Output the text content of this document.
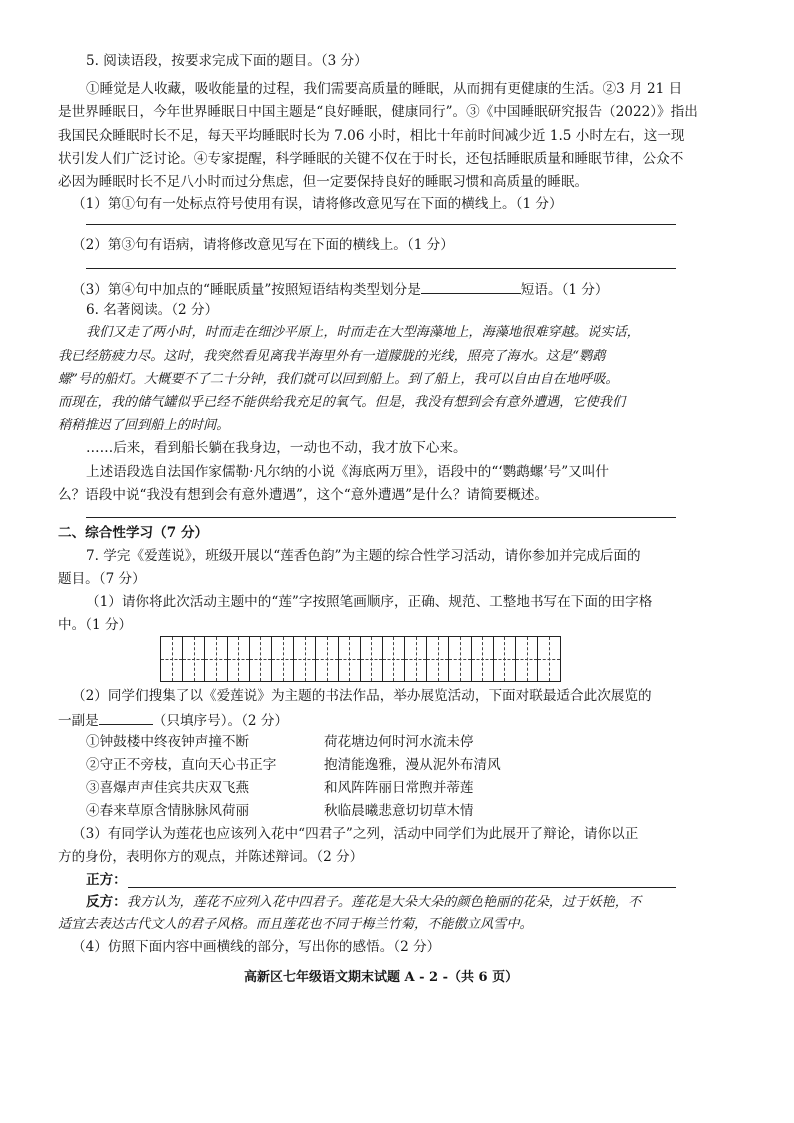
5. 阅读语段，按要求完成下面的题目。（3 分）
①睡觉是人收藏，吸收能量的过程，我们需要高质量的睡眠，从而拥有更健康的生活。②3 月 21 日
是世界睡眠日，今年世界睡眠日中国主题是“良好睡眠，健康同行”。③《中国睡眠研究报告（2022）》指出
我国民众睡眠时长不足，每天平均睡眠时长为 7.06 小时，相比十年前时间减少近 1.5 小时左右，这一现
状引发人们广泛讨论。④专家提醒，科学睡眠的关键不仅在于时长，还包括睡眠质量和睡眠节律，公众不
必因为睡眠时长不足八小时而过分焦虑，但一定要保持良好的睡眠习惯和高质量的睡眠。
（1）第①句有一处标点符号使用有误，请将修改意见写在下面的横线上。（1 分）
（2）第③句有语病，请将修改意见写在下面的横线上。（1 分）
（3）第④句中加点的“睡眠质量”按照短语结构类型划分是	短语。（1 分）
6. 名著阅读。（2 分）
我们又走了两小时，时而走在细沙平原上，时而走在大型海藻地上，海藻地很难穿越。说实话，
我已经筋疲力尽。这时，我突然看见离我半海里外有一道朦胧的光线，照亮了海水。这是“鹦鹉
螺”号的船灯。大概要不了二十分钟，我们就可以回到船上。到了船上，我可以自由自在地呼吸。
而现在，我的储气罐似乎已经不能供给我充足的氧气。但是，我没有想到会有意外遭遇，它使我们
稍稍推迟了回到船上的时间。
……后来，看到船长躺在我身边，一动也不动，我才放下心来。
上述语段选自法国作家儒勒·凡尔纳的小说《海底两万里》，语段中的“‘鹦鹉螺’号”又叫什
么？语段中说“我没有想到会有意外遭遇”，这个“意外遭遇”是什么？请简要概述。
二、综合性学习（7 分）
7. 学完《爱莲说》，班级开展以“莲香色韵”为主题的综合性学习活动，请你参加并完成后面的
题目。（7 分）
（1）请你将此次活动主题中的“莲”字按照笔画顺序，正确、规范、工整地书写在下面的田字格
中。（1 分）
（2）同学们搜集了以《爱莲说》为主题的书法作品，举办展览活动，下面对联最适合此次展览的
一副是	（只填序号）。（2 分）
①钟鼓楼中终夜钟声撞不断	荷花塘边何时河水流未停
②守正不旁枝，直向天心书正字	抱清能逸雅，漫从泥外布清风
③喜爆声声佳宾共庆双飞燕	和风阵阵丽日常煦并蒂莲
④春来草原含情脉脉风荷丽	秋临晨曦悲意切切草木情
（3）有同学认为莲花也应该列入花中“四君子”之列，活动中同学们为此展开了辩论，请你以正
方的身份，表明你方的观点，并陈述辩词。（2 分）
正方：
反方：我方认为，莲花不应列入花中四君子。莲花是大朵大朵的颜色艳丽的花朵，过于妖艳，不
适宜去表达古代文人的君子风格。而且莲花也不同于梅兰竹菊，不能傲立风雪中。
（4）仿照下面内容中画横线的部分，写出你的感悟。（2 分）
高新区七年级语文期末试题 A - 2 -（共 6 页）
